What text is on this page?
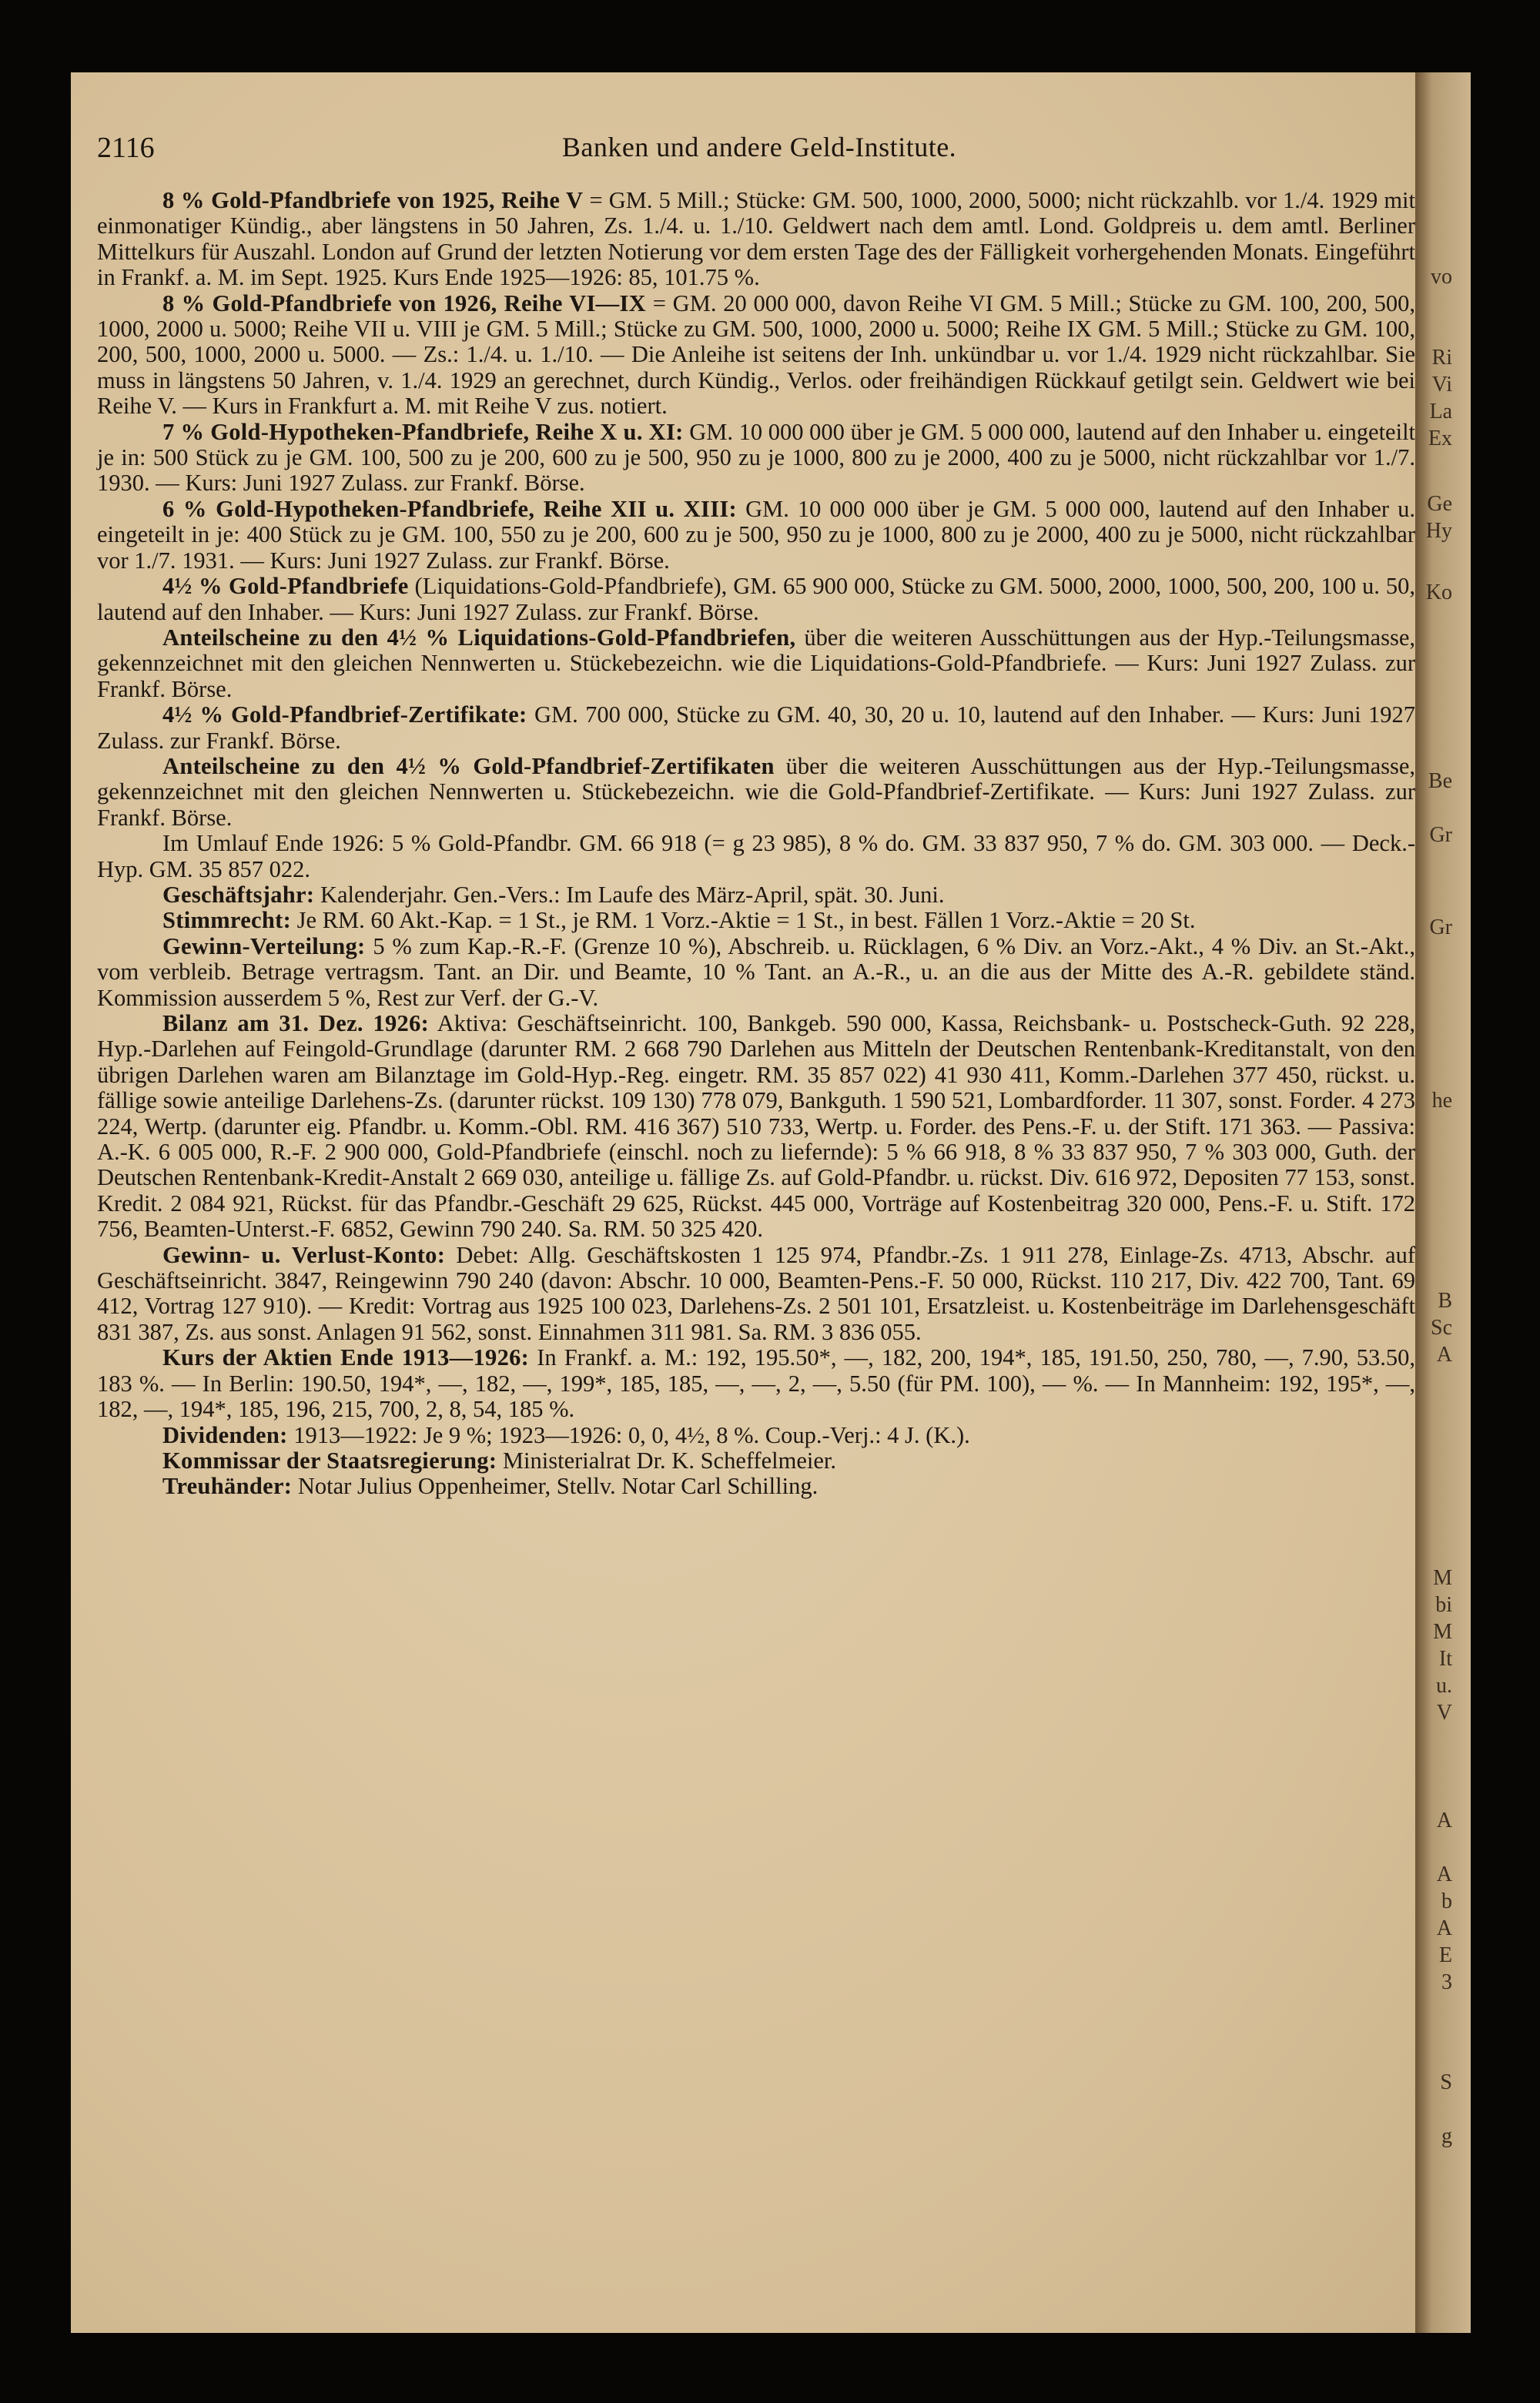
vo
Ri
Vi
La
Ex
Ge
Hy
Ko
Be
Gr
Gr
he
B
Sc
A
M
bi
M
It
u.
V
A
A
b
A
E
3
S
g
2116	Banken und andere Geld-Institute.

8 % Gold-Pfandbriefe von 1925, Reihe V = GM. 5 Mill.; Stücke: GM. 500, 1000, 2000, 5000; nicht rückzahlb. vor 1./4. 1929 mit einmonatiger Kündig., aber längstens in 50 Jahren, Zs. 1./4. u. 1./10. Geldwert nach dem amtl. Lond. Goldpreis u. dem amtl. Berliner Mittelkurs für Auszahl. London auf Grund der letzten Notierung vor dem ersten Tage des der Fälligkeit vorhergehenden Monats. Eingeführt in Frankf. a. M. im Sept. 1925. Kurs Ende 1925—1926: 85, 101.75 %.

8 % Gold-Pfandbriefe von 1926, Reihe VI—IX = GM. 20 000 000, davon Reihe VI GM. 5 Mill.; Stücke zu GM. 100, 200, 500, 1000, 2000 u. 5000; Reihe VII u. VIII je GM. 5 Mill.; Stücke zu GM. 500, 1000, 2000 u. 5000; Reihe IX GM. 5 Mill.; Stücke zu GM. 100, 200, 500, 1000, 2000 u. 5000. — Zs.: 1./4. u. 1./10. — Die Anleihe ist seitens der Inh. unkündbar u. vor 1./4. 1929 nicht rückzahlbar. Sie muss in längstens 50 Jahren, v. 1./4. 1929 an gerechnet, durch Kündig., Verlos. oder freihändigen Rückkauf getilgt sein. Geldwert wie bei Reihe V. — Kurs in Frankfurt a. M. mit Reihe V zus. notiert.

7 % Gold-Hypotheken-Pfandbriefe, Reihe X u. XI: GM. 10 000 000 über je GM. 5 000 000, lautend auf den Inhaber u. eingeteilt je in: 500 Stück zu je GM. 100, 500 zu je 200, 600 zu je 500, 950 zu je 1000, 800 zu je 2000, 400 zu je 5000, nicht rückzahlbar vor 1./7. 1930. — Kurs: Juni 1927 Zulass. zur Frankf. Börse.

6 % Gold-Hypotheken-Pfandbriefe, Reihe XII u. XIII: GM. 10 000 000 über je GM. 5 000 000, lautend auf den Inhaber u. eingeteilt in je: 400 Stück zu je GM. 100, 550 zu je 200, 600 zu je 500, 950 zu je 1000, 800 zu je 2000, 400 zu je 5000, nicht rückzahlbar vor 1./7. 1931. — Kurs: Juni 1927 Zulass. zur Frankf. Börse.

4½ % Gold-Pfandbriefe (Liquidations-Gold-Pfandbriefe), GM. 65 900 000, Stücke zu GM. 5000, 2000, 1000, 500, 200, 100 u. 50, lautend auf den Inhaber. — Kurs: Juni 1927 Zulass. zur Frankf. Börse.

Anteilscheine zu den 4½ % Liquidations-Gold-Pfandbriefen, über die weiteren Ausschüttungen aus der Hyp.-Teilungsmasse, gekennzeichnet mit den gleichen Nennwerten u. Stückebezeichn. wie die Liquidations-Gold-Pfandbriefe. — Kurs: Juni 1927 Zulass. zur Frankf. Börse.

4½ % Gold-Pfandbrief-Zertifikate: GM. 700 000, Stücke zu GM. 40, 30, 20 u. 10, lautend auf den Inhaber. — Kurs: Juni 1927 Zulass. zur Frankf. Börse.

Anteilscheine zu den 4½ % Gold-Pfandbrief-Zertifikaten über die weiteren Ausschüttungen aus der Hyp.-Teilungsmasse, gekennzeichnet mit den gleichen Nennwerten u. Stückebezeichn. wie die Gold-Pfandbrief-Zertifikate. — Kurs: Juni 1927 Zulass. zur Frankf. Börse.

Im Umlauf Ende 1926: 5 % Gold-Pfandbr. GM. 66 918 (= g 23 985), 8 % do. GM. 33 837 950, 7 % do. GM. 303 000. — Deck.-Hyp. GM. 35 857 022.

Geschäftsjahr: Kalenderjahr. Gen.-Vers.: Im Laufe des März-April, spät. 30. Juni.

Stimmrecht: Je RM. 60 Akt.-Kap. = 1 St., je RM. 1 Vorz.-Aktie = 1 St., in best. Fällen 1 Vorz.-Aktie = 20 St.

Gewinn-Verteilung: 5 % zum Kap.-R.-F. (Grenze 10 %), Abschreib. u. Rücklagen, 6 % Div. an Vorz.-Akt., 4 % Div. an St.-Akt., vom verbleib. Betrage vertragsm. Tant. an Dir. und Beamte, 10 % Tant. an A.-R., u. an die aus der Mitte des A.-R. gebildete ständ. Kommission ausserdem 5 %, Rest zur Verf. der G.-V.

Bilanz am 31. Dez. 1926: Aktiva: Geschäftseinricht. 100, Bankgeb. 590 000, Kassa, Reichsbank- u. Postscheck-Guth. 92 228, Hyp.-Darlehen auf Feingold-Grundlage (darunter RM. 2 668 790 Darlehen aus Mitteln der Deutschen Rentenbank-Kreditanstalt, von den übrigen Darlehen waren am Bilanztage im Gold-Hyp.-Reg. eingetr. RM. 35 857 022) 41 930 411, Komm.-Darlehen 377 450, rückst. u. fällige sowie anteilige Darlehens-Zs. (darunter rückst. 109 130) 778 079, Bankguth. 1 590 521, Lombardforder. 11 307, sonst. Forder. 4 273 224, Wertp. (darunter eig. Pfandbr. u. Komm.-Obl. RM. 416 367) 510 733, Wertp. u. Forder. des Pens.-F. u. der Stift. 171 363. — Passiva: A.-K. 6 005 000, R.-F. 2 900 000, Gold-Pfandbriefe (einschl. noch zu liefernde): 5 % 66 918, 8 % 33 837 950, 7 % 303 000, Guth. der Deutschen Rentenbank-Kredit-Anstalt 2 669 030, anteilige u. fällige Zs. auf Gold-Pfandbr. u. rückst. Div. 616 972, Depositen 77 153, sonst. Kredit. 2 084 921, Rückst. für das Pfandbr.-Geschäft 29 625, Rückst. 445 000, Vorträge auf Kostenbeitrag 320 000, Pens.-F. u. Stift. 172 756, Beamten-Unterst.-F. 6852, Gewinn 790 240. Sa. RM. 50 325 420.

Gewinn- u. Verlust-Konto: Debet: Allg. Geschäftskosten 1 125 974, Pfandbr.-Zs. 1 911 278, Einlage-Zs. 4713, Abschr. auf Geschäftseinricht. 3847, Reingewinn 790 240 (davon: Abschr. 10 000, Beamten-Pens.-F. 50 000, Rückst. 110 217, Div. 422 700, Tant. 69 412, Vortrag 127 910). — Kredit: Vortrag aus 1925 100 023, Darlehens-Zs. 2 501 101, Ersatzleist. u. Kostenbeiträge im Darlehensgeschäft 831 387, Zs. aus sonst. Anlagen 91 562, sonst. Einnahmen 311 981. Sa. RM. 3 836 055.

Kurs der Aktien Ende 1913—1926: In Frankf. a. M.: 192, 195.50*, —, 182, 200, 194*, 185, 191.50, 250, 780, —, 7.90, 53.50, 183 %. — In Berlin: 190.50, 194*, —, 182, —, 199*, 185, 185, —, —, 2, —, 5.50 (für PM. 100), — %. — In Mannheim: 192, 195*, —, 182, —, 194*, 185, 196, 215, 700, 2, 8, 54, 185 %.

Dividenden: 1913—1922: Je 9 %; 1923—1926: 0, 0, 4½, 8 %. Coup.-Verj.: 4 J. (K.).

Kommissar der Staatsregierung: Ministerialrat Dr. K. Scheffelmeier.

Treuhänder: Notar Julius Oppenheimer, Stellv. Notar Carl Schilling.
